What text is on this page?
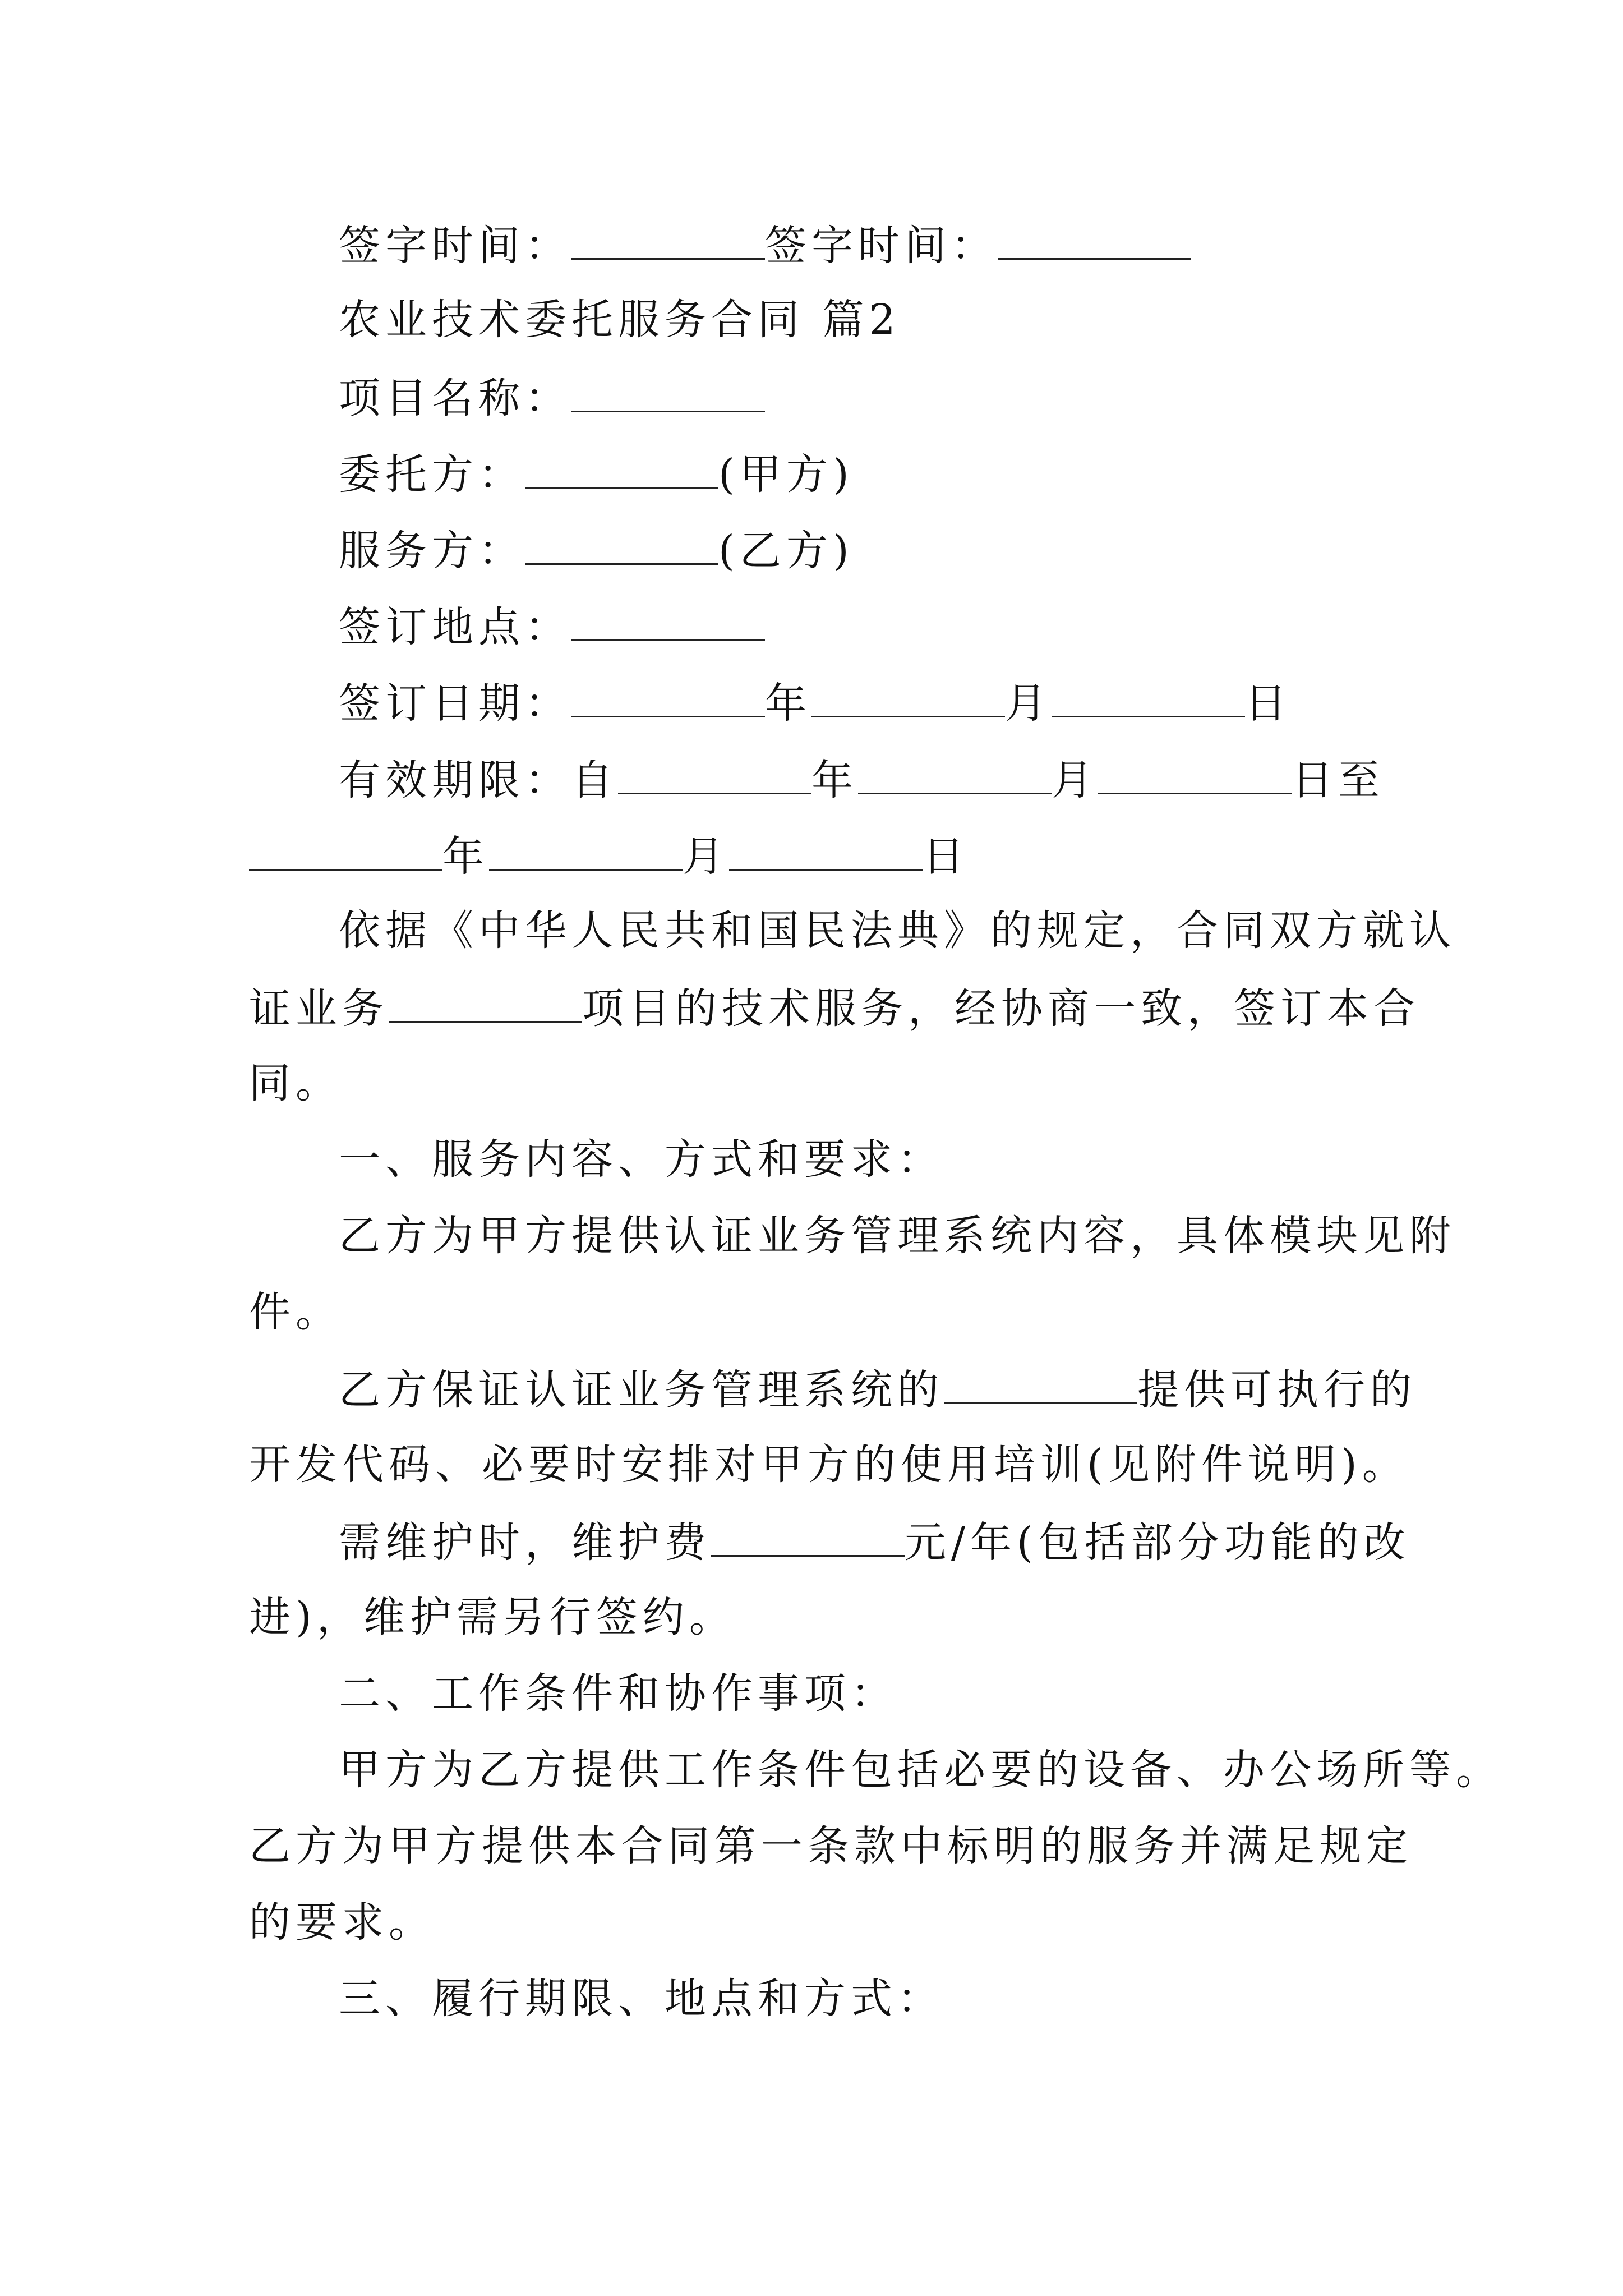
签字时间：	签字时间：
农业技术委托服务合同 篇2
项目名称：
委托方：	(甲方)
服务方：	(乙方)
签订地点：
签订日期：	年	月	日
有效期限：自	年	月	日至
年	月	日
依据《中华人民共和国民法典》的规定，合同双方就认
证业务	项目的技术服务，经协商一致，签订本合
同。
一、服务内容、方式和要求：
乙方为甲方提供认证业务管理系统内容，具体模块见附
件。
乙方保证认证业务管理系统的	提供可执行的
开发代码、必要时安排对甲方的使用培训(见附件说明)。
需维护时，维护费	元/年(包括部分功能的改
进)，维护需另行签约。
二、工作条件和协作事项：
甲方为乙方提供工作条件包括必要的设备、办公场所等。
乙方为甲方提供本合同第一条款中标明的服务并满足规定
的要求。
三、履行期限、地点和方式：
